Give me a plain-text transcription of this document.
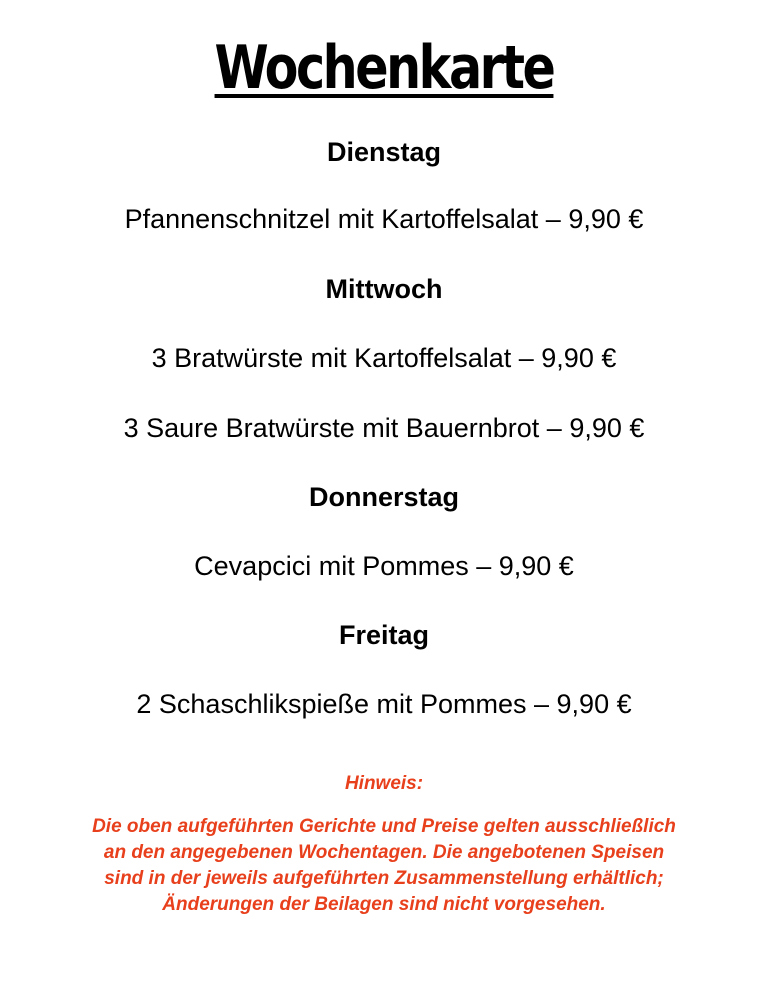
Wochenkarte
Dienstag
Pfannenschnitzel mit Kartoffelsalat – 9,90 €
Mittwoch
3 Bratwürste mit Kartoffelsalat – 9,90 €
3 Saure Bratwürste mit Bauernbrot – 9,90 €
Donnerstag
Cevapcici mit Pommes – 9,90 €
Freitag
2 Schaschlikspieße mit Pommes – 9,90 €
Hinweis:
Die oben aufgeführten Gerichte und Preise gelten ausschließlich an den angegebenen Wochentagen. Die angebotenen Speisen sind in der jeweils aufgeführten Zusammenstellung erhältlich; Änderungen der Beilagen sind nicht vorgesehen.
